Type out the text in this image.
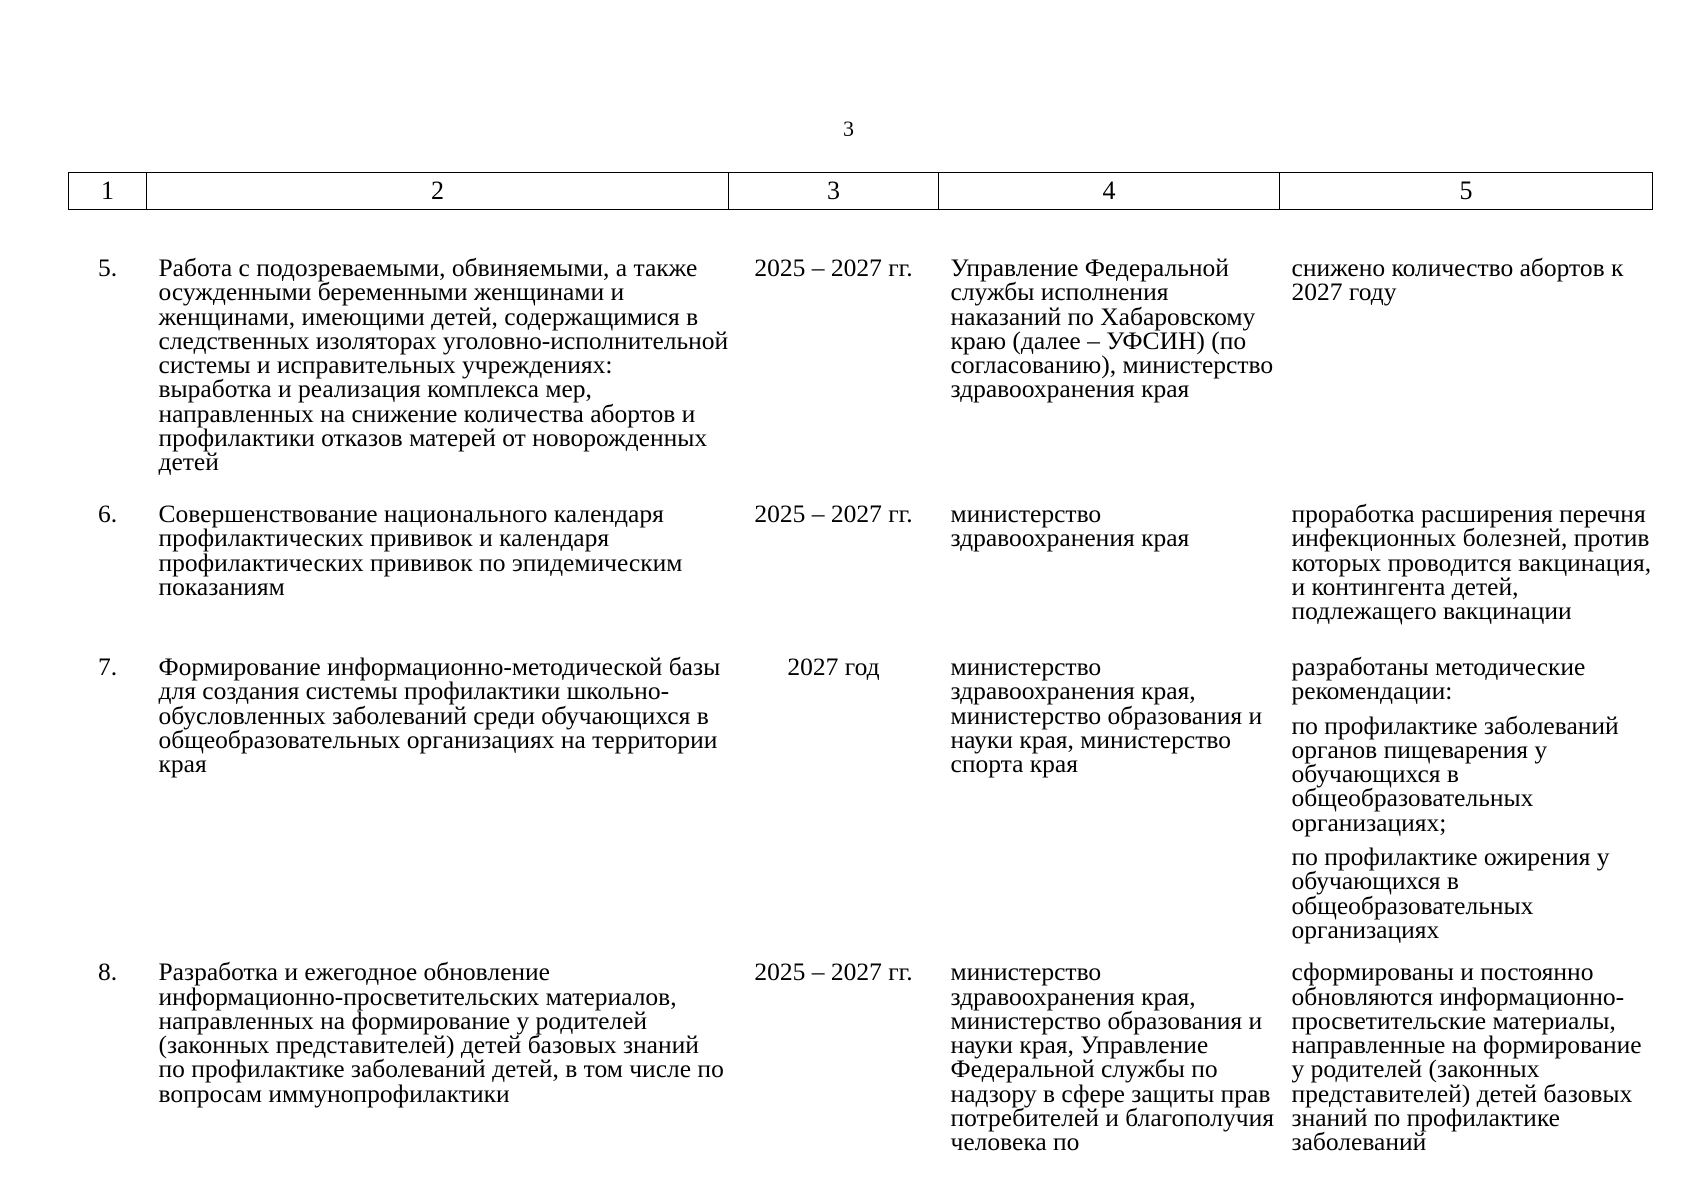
3
1	2	3	4	5
5.	Работа с подозреваемыми, обвиняемыми, а также осужденными беременными женщинами и женщинами, имеющими детей, содержащимися в следственных изоляторах уголовно-исполнительной системы и исправительных учреждениях: выработка и реализация комплекса мер, направленных на снижение количества абортов и профилактики отказов матерей от новорожденных детей	2025 – 2027 гг.	Управление Федеральной службы исполнения наказаний по Хабаровскому краю (далее – УФСИН) (по согласованию), министерство здравоохранения края	снижено количество абортов к 2027 году

6.	Совершенствование национального календаря профилактических прививок и календаря профилактических прививок по эпидемическим показаниям	2025 – 2027 гг.	министерство здравоохранения края	проработка расширения перечня инфекционных болезней, против которых проводится вакцинация, и контингента детей, подлежащего вакцинации

7.	Формирование информационно-методической базы для создания системы профилактики школьно-обусловленных заболеваний среди обучающихся в общеобразовательных организациях на территории края	2027 год	министерство здравоохранения края, министерство образования и науки края, министерство спорта края	разработаны методические рекомендации:

по профилактике заболеваний органов пищеварения у обучающихся в общеобразовательных организациях;

по профилактике ожирения у обучающихся в общеобразовательных организациях

8.	Разработка и ежегодное обновление информационно-просветительских материалов, направленных на формирование у родителей (законных представителей) детей базовых знаний по профилактике заболеваний детей, в том числе по вопросам иммунопрофилактики	2025 – 2027 гг.	министерство здравоохранения края, министерство образования и науки края, Управление Федеральной службы по надзору в сфере защиты прав потребителей и благополучия человека по	сформированы и постоянно обновляются информационно-просветительские материалы, направленные на формирование у родителей (законных представителей) детей базовых знаний по профилактике заболеваний
